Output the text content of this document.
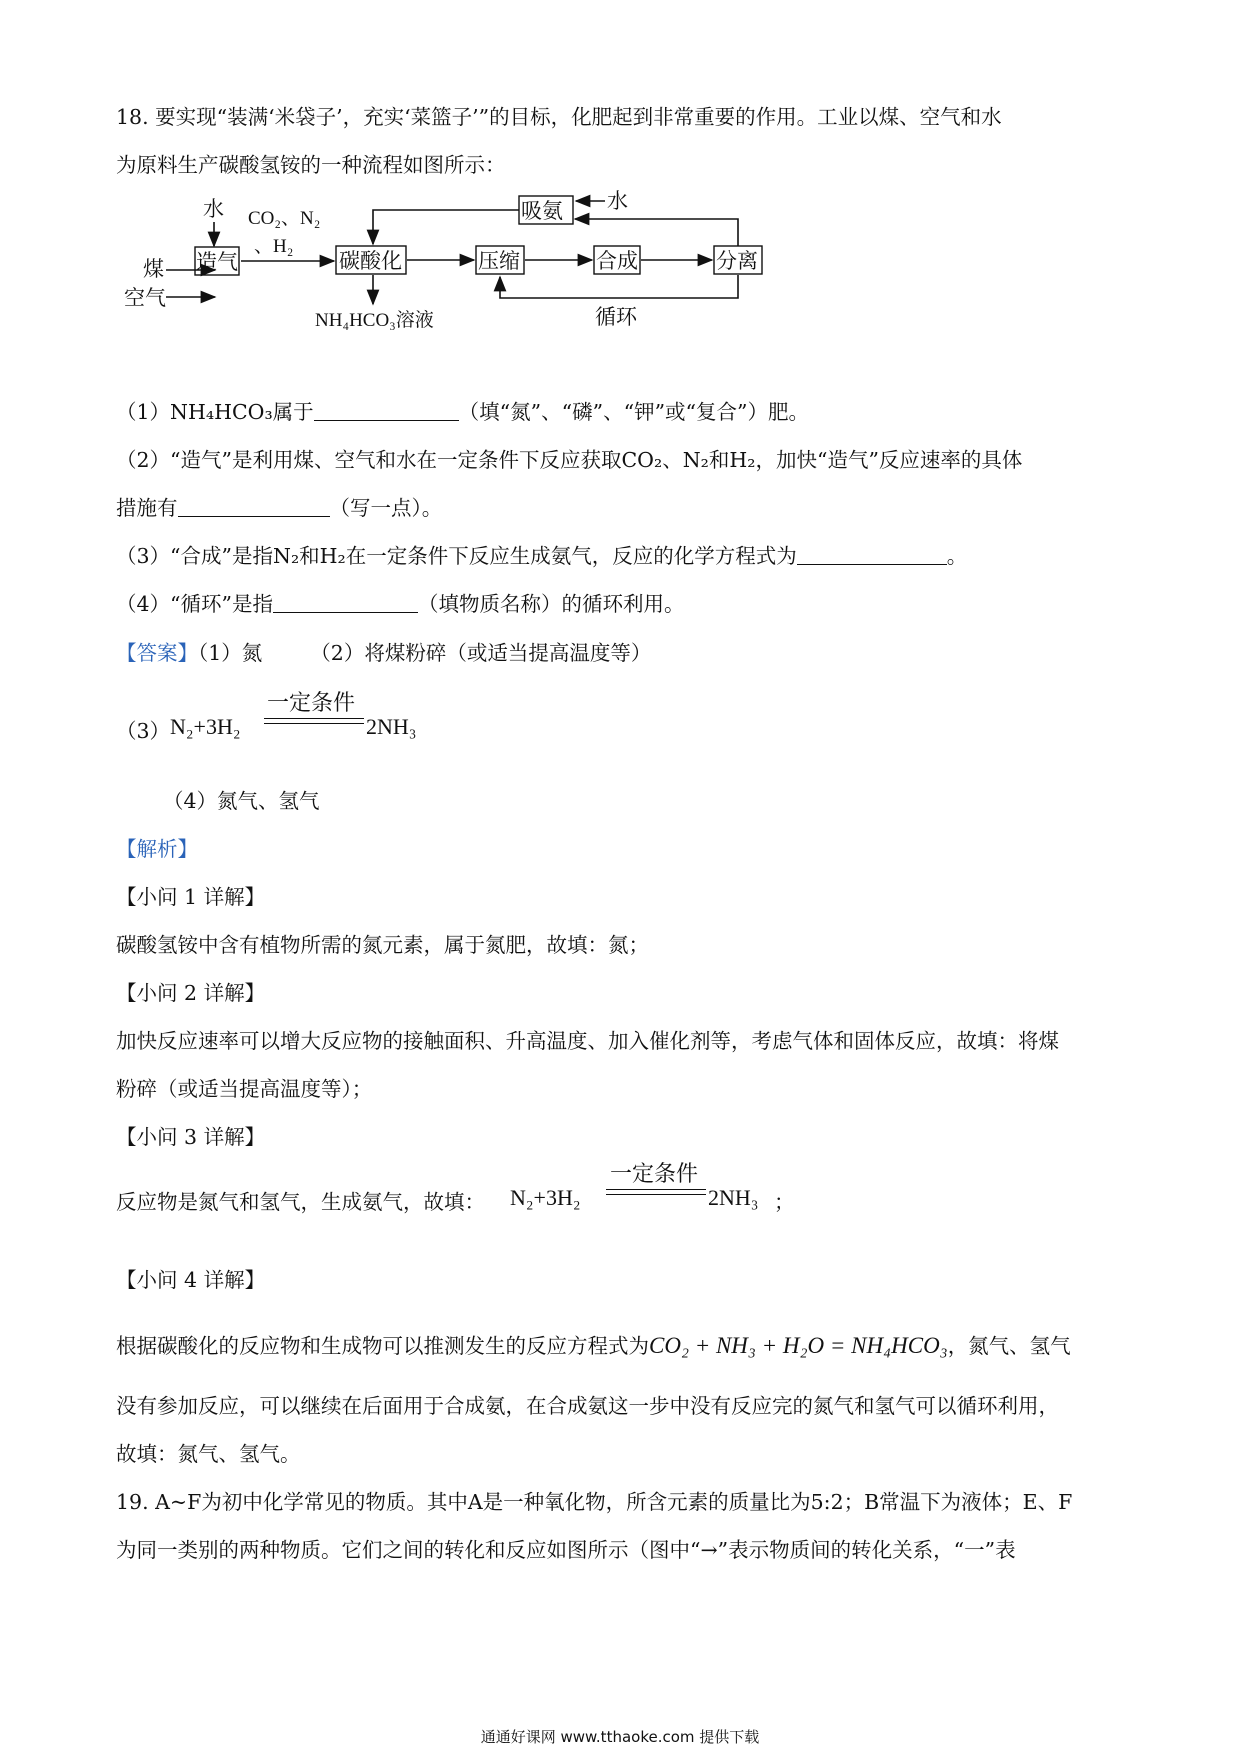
18. 要实现“装满‘米袋子’，充实‘菜篮子’”的目标，化肥起到非常重要的作用。工业以煤、空气和水
为原料生产碳酸氢铵的一种流程如图所示：
煤
空气
水
造气
CO₂、N₂
、H₂
碳酸化
NH₄HCO₃溶液
压缩	合成	分离
吸氨 水
循环
（1）NH₄HCO₃属于	（填“氮”、“磷”、“钾”或“复合”）肥。
（2）“造气”是利用煤、空气和水在一定条件下反应获取CO₂、N₂和H₂，加快“造气”反应速率的具体
措施有	（写一点）。
（3）“合成”是指N₂和H₂在一定条件下反应生成氨气，反应的化学方程式为	。
（4）“循环”是指	（填物质名称）的循环利用。
【答案】（1）氮 （2）将煤粉碎（或适当提高温度等）
（3） N₂+3H₂
一定条件
2NH₃
（4）氮气、氢气
【解析】
【小问 1 详解】
碳酸氢铵中含有植物所需的氮元素，属于氮肥，故填：氮；
【小问 2 详解】
加快反应速率可以增大反应物的接触面积、升高温度、加入催化剂等，考虑气体和固体反应，故填：将煤
粉碎（或适当提高温度等）；
【小问 3 详解】
反应物是氮气和氢气，生成氨气，故填： N₂+3H₂
一定条件
2NH₃ ；
【小问 4 详解】
根据碳酸化的反应物和生成物可以推测发生的反应方程式为CO₂ + NH₃ + H₂O = NH₄HCO₃，氮气、氢气
没有参加反应，可以继续在后面用于合成氨，在合成氨这一步中没有反应完的氮气和氢气可以循环利用，
故填：氮气、氢气。
19. A~F为初中化学常见的物质。其中A是一种氧化物，所含元素的质量比为5:2；B常温下为液体；E、F
为同一类别的两种物质。它们之间的转化和反应如图所示（图中“→”表示物质间的转化关系，“一”表
通通好课网 www.tthaoke.com 提供下载
